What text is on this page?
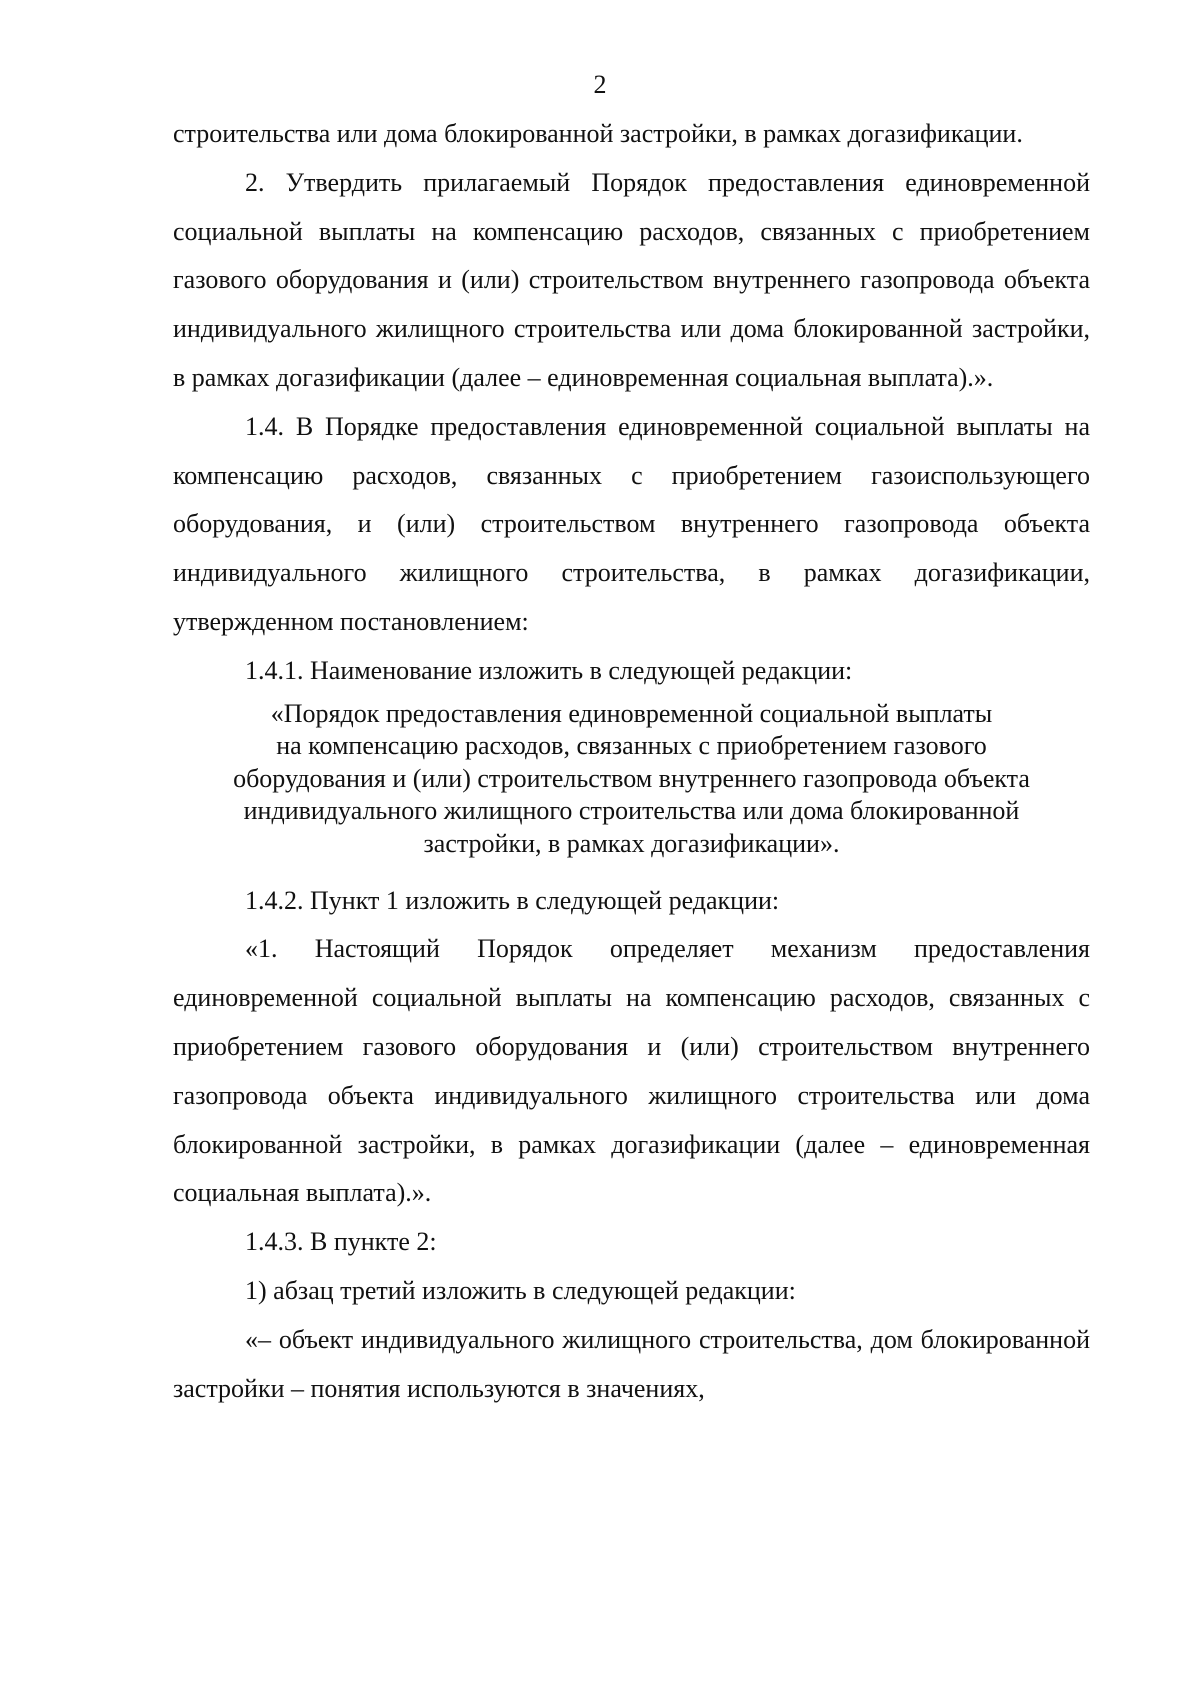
2

строительства или дома блокированной застройки, в рамках догазификации.

2. Утвердить прилагаемый Порядок предоставления единовременной социальной выплаты на компенсацию расходов, связанных с приобретением газового оборудования и (или) строительством внутреннего газопровода объекта индивидуального жилищного строительства или дома блокированной застройки, в рамках догазификации (далее – единовременная социальная выплата).».

1.4. В Порядке предоставления единовременной социальной выплаты на компенсацию расходов, связанных с приобретением газоиспользующего оборудования, и (или) строительством внутреннего газопровода объекта индивидуального жилищного строительства, в рамках догазификации, утвержденном постановлением:

1.4.1. Наименование изложить в следующей редакции:

«Порядок предоставления единовременной социальной выплаты
на компенсацию расходов, связанных с приобретением газового
оборудования и (или) строительством внутреннего газопровода объекта
индивидуального жилищного строительства или дома блокированной
застройки, в рамках догазификации».

1.4.2. Пункт 1 изложить в следующей редакции:

«1. Настоящий Порядок определяет механизм предоставления единовременной социальной выплаты на компенсацию расходов, связанных с приобретением газового оборудования и (или) строительством внутреннего газопровода объекта индивидуального жилищного строительства или дома блокированной застройки, в рамках догазификации (далее – единовременная социальная выплата).».

1.4.3. В пункте 2:

1) абзац третий изложить в следующей редакции:

«– объект индивидуального жилищного строительства, дом блокированной застройки – понятия используются в значениях,
